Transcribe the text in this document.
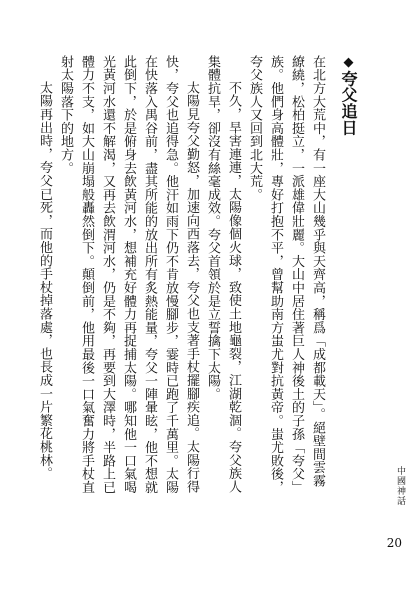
中國神話
20
◆夸父追日

在北方大荒中，有一座大山幾乎與天齊高，稱爲「成都載天」。絕壁間雲霧繚繞，松柏挺立，一派雄偉壯麗。大山中居住著巨人神後土的子孫「夸父」族。他們身高體壯，專好打抱不平，曾幫助南方蚩尤對抗黃帝。蚩尤敗後，夸父族人又回到北大荒。

不久，旱害連連，太陽像個火球，致使土地龜裂，江湖乾涸。夸父族人集體抗旱，卻沒有絲毫成效。夸父首領於是立誓擒下太陽。

太陽見夸父勤怒，加速向西落去，夸父也支著手杖擺腳疾追。太陽行得快，夸父也追得急。他汗如雨下仍不肯放慢腳步，霎時已跑了千萬里。太陽在快落入禺谷前，盡其所能的放出所有炙熱能量，夸父一陣暈眩，他不想就此倒下，於是俯身去飲黃河水，想補充好體力再捉捕太陽。哪知他一口氣喝光黃河水還不解渴，又再去飲渭河水，仍是不夠，再要到大澤時，半路上已體力不支，如大山崩塌般轟然倒下。顛倒前，他用最後一口氣奮力將手杖直射太陽落下的地方。

太陽再出時，夸父已死，而他的手杖掉落處，也長成一片繁花桃林。
